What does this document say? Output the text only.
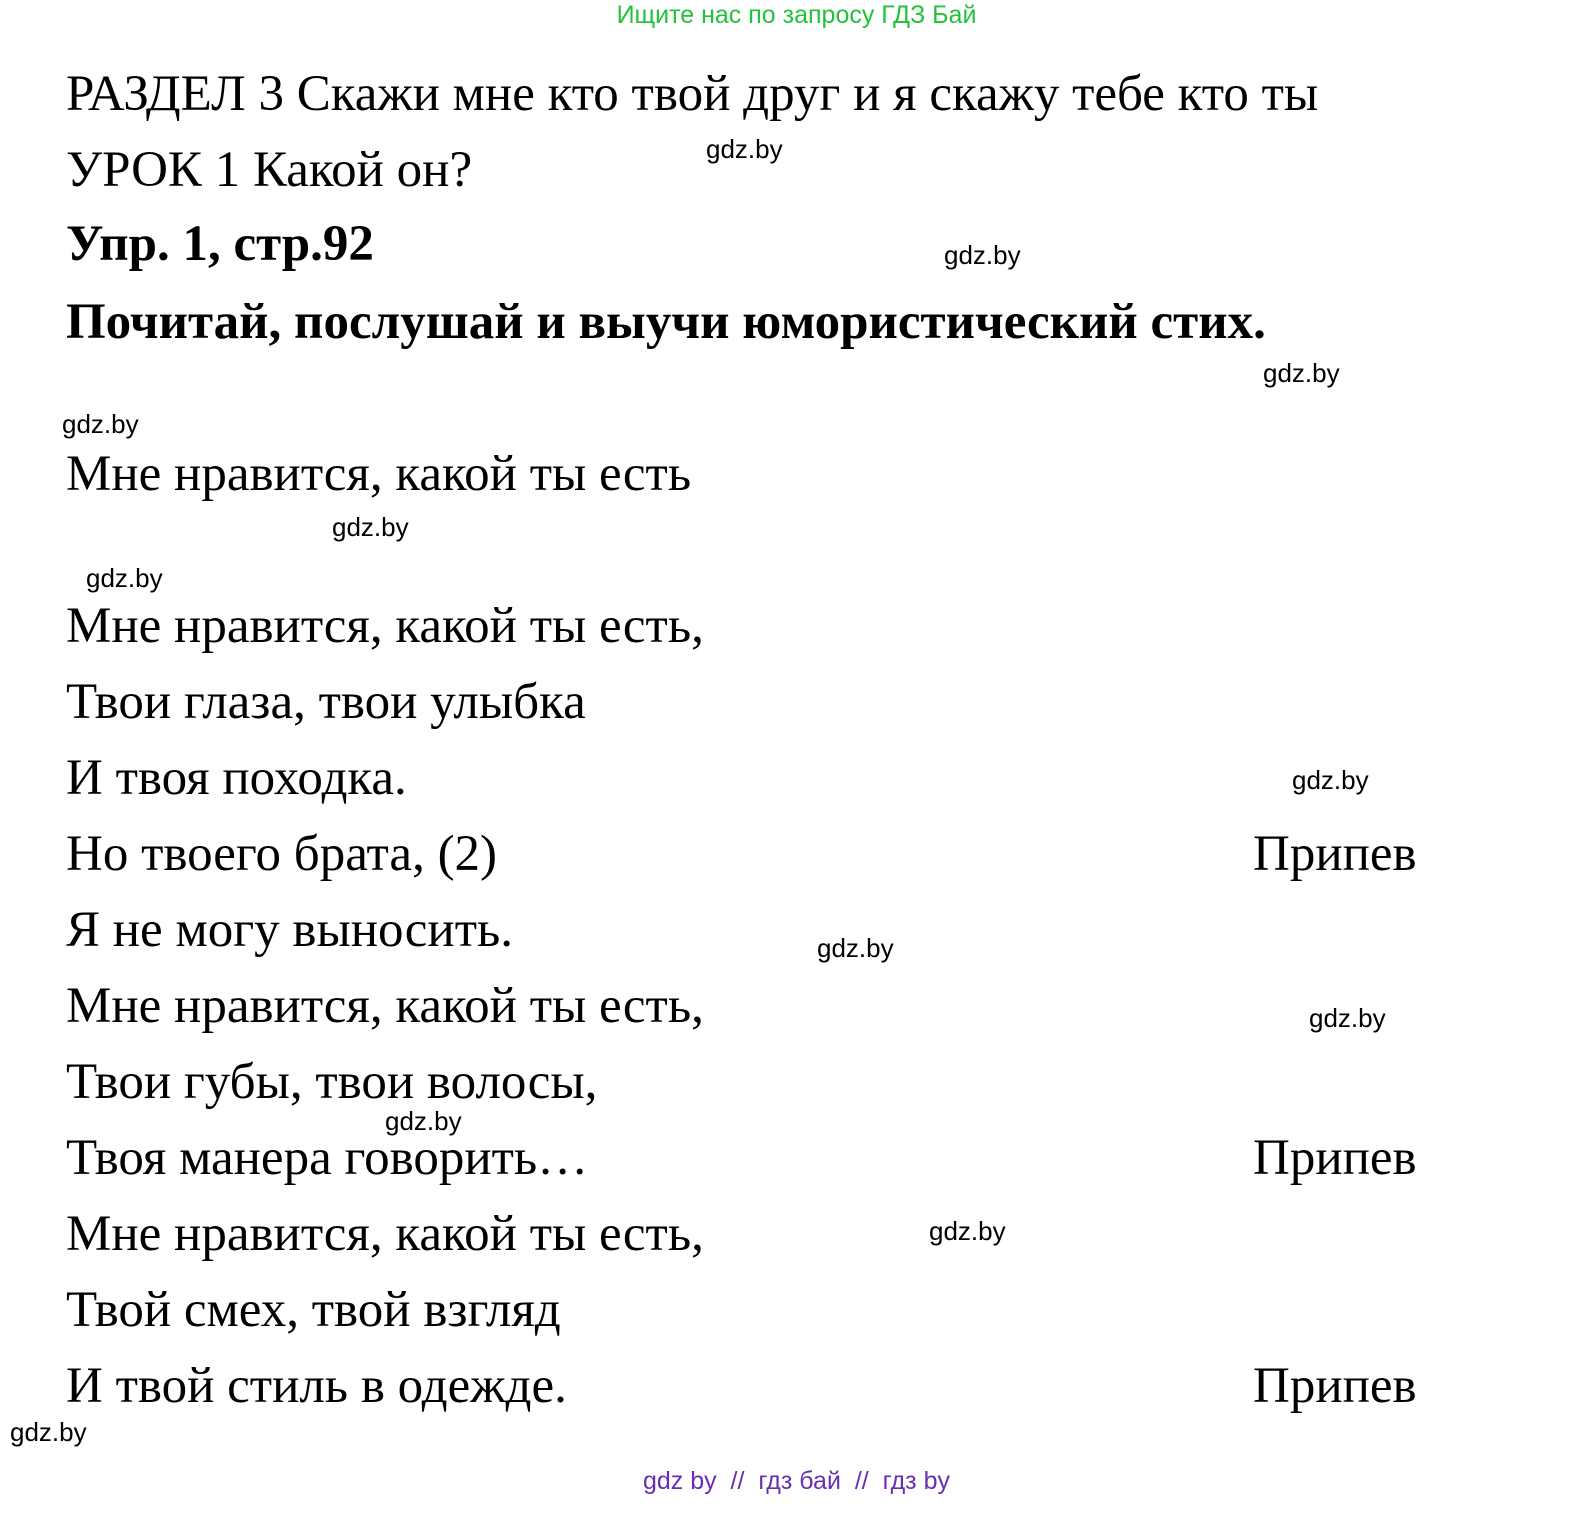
Ищите нас по запросу ГДЗ Бай
РАЗДЕЛ 3 Скажи мне кто твой друг и я скажу тебе кто ты
УРОК 1 Какой он?
Упр. 1, стр.92
Почитай, послушай и выучи юмористический стих.
Мне нравится, какой ты есть
Мне нравится, какой ты есть,
Твои глаза, твои улыбка
И твоя походка.
Но твоего брата, (2)
Я не могу выносить.
Мне нравится, какой ты есть,
Твои губы, твои волосы,
Твоя манера говорить…
Мне нравится, какой ты есть,
Твой смех, твой взгляд
И твой стиль в одежде.
Припев
Припев
Припев
gdz.by
gdz.by
gdz.by
gdz.by
gdz.by
gdz.by
gdz.by
gdz.by
gdz.by
gdz.by
gdz.by
gdz.by
gdz by  //  гдз бай  //  гдз by
